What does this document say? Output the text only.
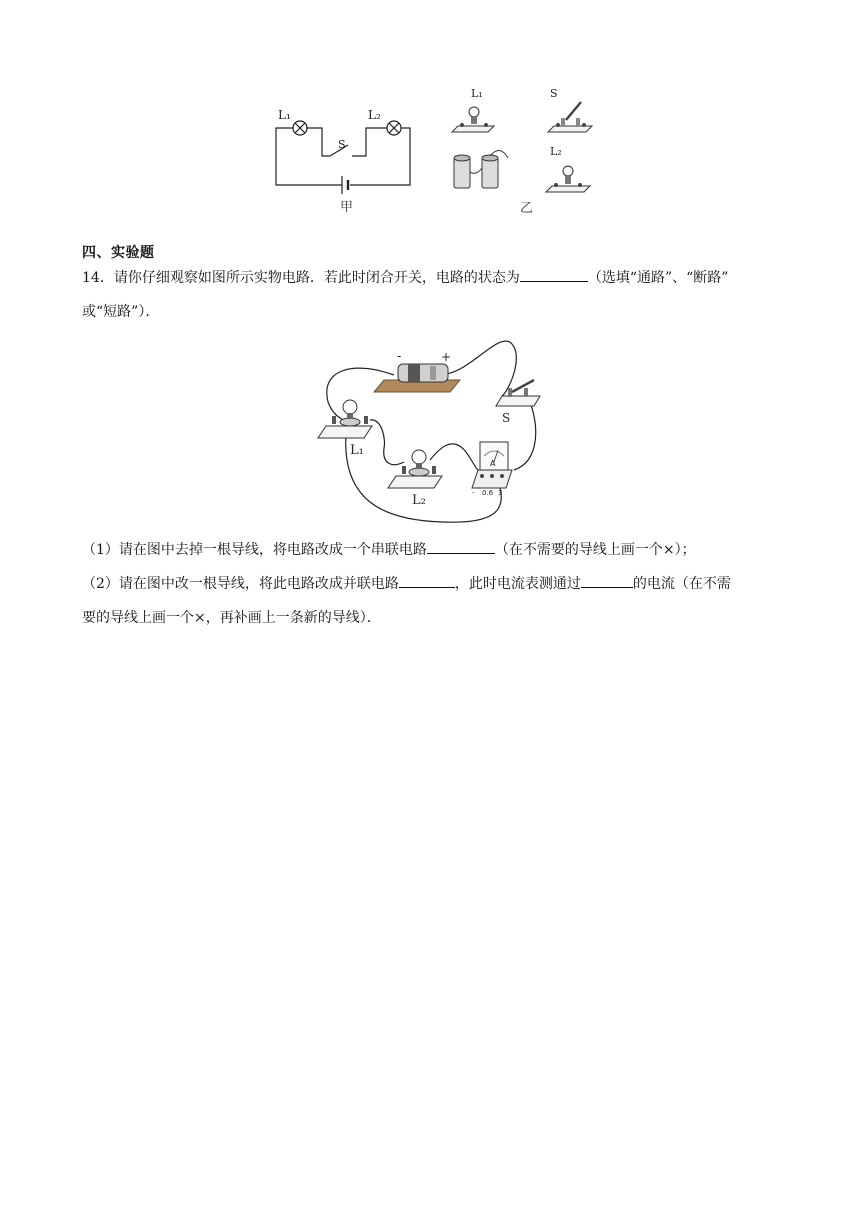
L₁	L₂
S
甲
L₁	S
L₂
乙
四、实验题
14．请你仔细观察如图所示实物电路．若此时闭合开关，电路的状态为	（选填“通路”、“断路”
或“短路”）．
-	+
S
L₁
L₂
A
- 0.6 3
（1）请在图中去掉一根导线，将电路改成一个串联电路	（在不需要的导线上画一个×）；
（2）请在图中改一根导线，将此电路改成并联电路	，此时电流表测通过	的电流（在不需
要的导线上画一个×，再补画上一条新的导线）．
